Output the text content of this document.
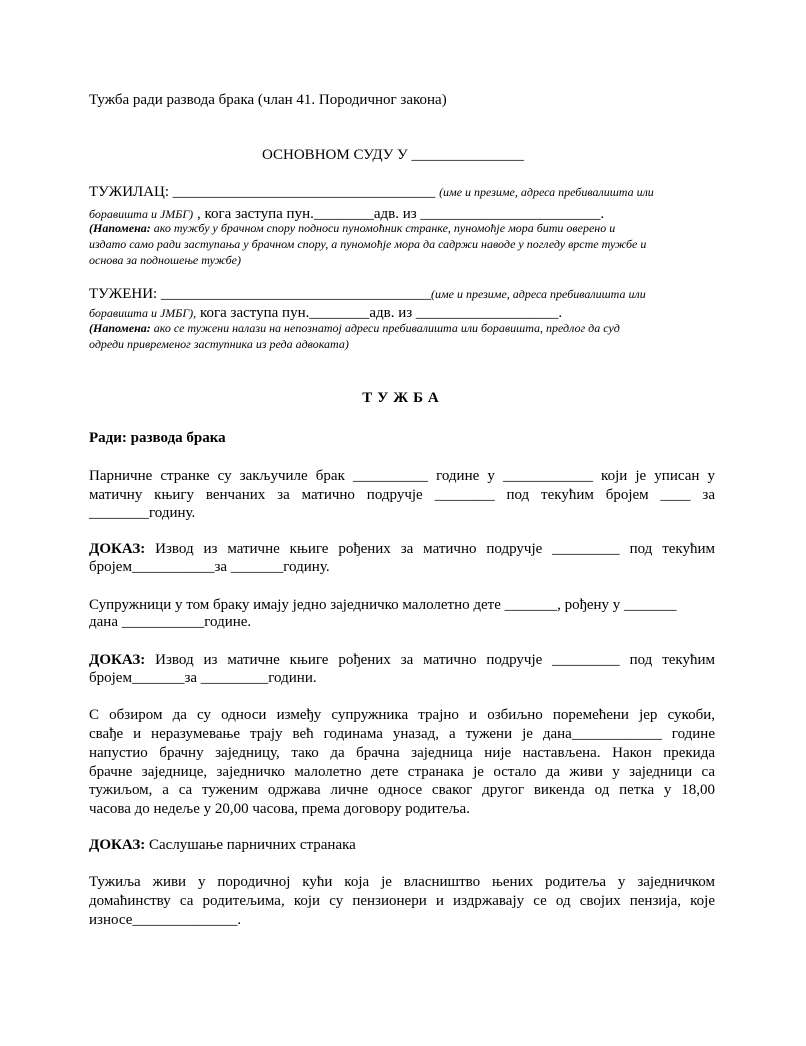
Тужба ради развода брака (члан 41. Породичног закона)
ОСНОВНОМ СУДУ У _______________
ТУЖИЛАЦ: ___________________________________ (име и презиме, адреса пребивалишта или
боравишта и ЈМБГ) , кога заступа пун.________адв. из ________________________.
(Напомена: ако тужбу у брачном спору подноси пуномоћник странке, пуномоћје мора бити оверено и
издато само ради заступања у брачном спору, а пуномоћје мора да садржи наводе у погледу врсте тужбе и
основа за подношење тужбе)
ТУЖЕНИ: ____________________________________(име и презиме, адреса пребивалишта или
боравишта и ЈМБГ), кога заступа пун.________адв. из ___________________.
(Напомена: ако се тужени налази на непознатој адреси пребивалишта или боравишта, предлог да суд
одреди привременог заступника из реда адвоката)
ТУЖБА
Ради: развода брака
Парничне странке су закључиле брак __________ године у ____________ који је уписан у
матичну књигу венчаних за матично подручје ________ под текућим бројем ____ за
________годину.
ДОКАЗ: Извод из матичне књиге рођених за матично подручје _________ под текућим
бројем___________за _______годину.
Супружници у том браку имају једно заједничко малолетно дете _______, рођену у _______
дана ___________године.
ДОКАЗ: Извод из матичне књиге рођених за матично подручје _________ под текућим
бројем_______за _________години.
С обзиром да су односи између супружника трајно и озбиљно поремећени јер сукоби,
свађе и неразумевање трају већ годинама уназад, а тужени је дана____________ године
напустио брачну заједницу, тако да брачна заједница није настављена. Након прекида
брачне заједнице, заједничко малолетно дете странака је остало да живи у заједници са
тужиљом, а са туженим одржава личне односе сваког другог викенда од петка у 18,00
часова до недеље у 20,00 часова, према договору родитеља.
ДОКАЗ: Саслушање парничних странака
Тужиља живи у породичној кући која је власништво њених родитеља у заједничком
домаћинству са родитељима, који су пензионери и издржавају се од својих пензија, које
износе______________.
